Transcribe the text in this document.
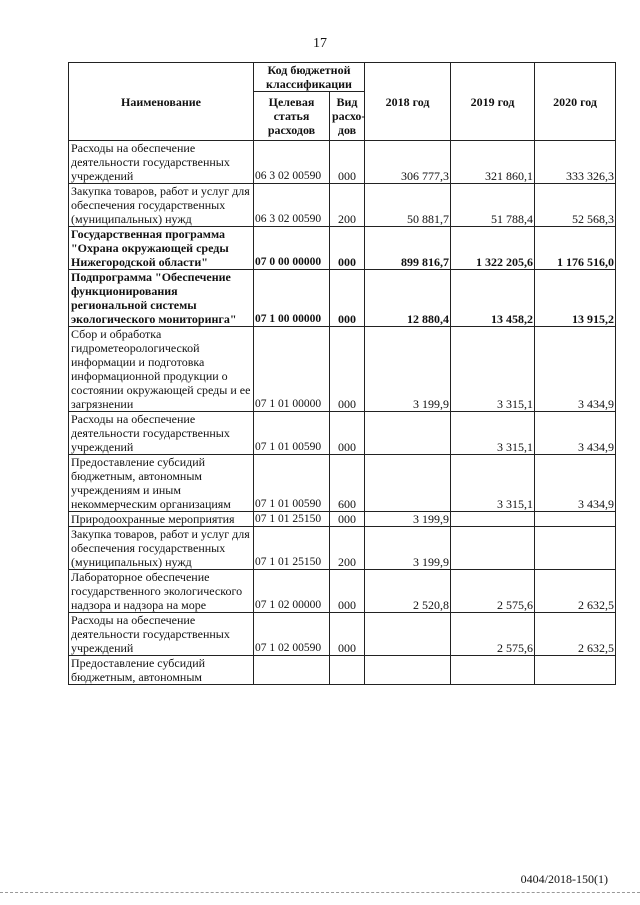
17
Наименование	Код бюджетной классификации		2018 год	2019 год	2020 год
	Целевая статья расходов	Вид расхо-дов			
Расходы на обеспечение деятельности государственных учреждений	06 3 02 00590	000	306 777,3	321 860,1	333 326,3
Закупка товаров, работ и услуг для обеспечения государственных (муниципальных) нужд	06 3 02 00590	200	50 881,7	51 788,4	52 568,3
Государственная программа "Охрана окружающей среды Нижегородской области"	07 0 00 00000	000	899 816,7	1 322 205,6	1 176 516,0
Подпрограмма "Обеспечение функционирования региональной системы экологического мониторинга"	07 1 00 00000	000	12 880,4	13 458,2	13 915,2
Сбор и обработка гидрометеорологической информации и подготовка информационной продукции о состоянии окружающей среды и ее загрязнении	07 1 01 00000	000	3 199,9	3 315,1	3 434,9
Расходы на обеспечение деятельности государственных учреждений	07 1 01 00590	000		3 315,1	3 434,9
Предоставление субсидий бюджетным, автономным учреждениям и иным некоммерческим организациям	07 1 01 00590	600		3 315,1	3 434,9
Природоохранные мероприятия	07 1 01 25150	000	3 199,9		
Закупка товаров, работ и услуг для обеспечения государственных (муниципальных) нужд	07 1 01 25150	200	3 199,9		
Лабораторное обеспечение государственного экологического надзора и надзора на море	07 1 02 00000	000	2 520,8	2 575,6	2 632,5
Расходы на обеспечение деятельности государственных учреждений	07 1 02 00590	000		2 575,6	2 632,5
Предоставление субсидий бюджетным, автономным					
0404/2018-150(1)
